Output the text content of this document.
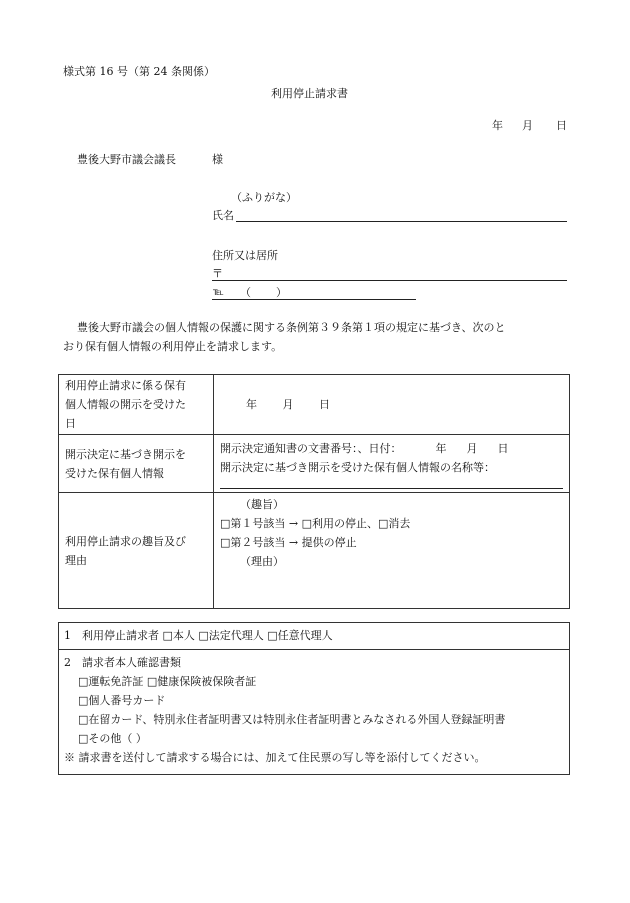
様式第 16 号（第 24 条関係）
利用停止請求書
年 月 日
豊後大野市議会議長	様
（ふりがな）
氏名
住所又は居所
〒
℡ （ ）
豊後大野市議会の個人情報の保護に関する条例第３９条第１項の規定に基づき、次のと
おり保有個人情報の利用停止を請求します。
利用停止請求に係る保有
個人情報の開示を受けた
日	年 月 日

開示決定に基づき開示を
受けた保有個人情報	開示決定通知書の文書番号：、日付： 年 月 日
開示決定に基づき開示を受けた保有個人情報の名称等：

利用停止請求の趣旨及び
理由	（趣旨）
□第１号該当 → □利用の停止、□消去
□第２号該当 → 提供の停止
（理由）
1　利用停止請求者 □本人 □法定代理人 □任意代理人
2　請求者本人確認書類
□運転免許証 □健康保険被保険者証
□個人番号カード
□在留カード、特別永住者証明書又は特別永住者証明書とみなされる外国人登録証明書
□その他（ ）
※ 請求書を送付して請求する場合には、加えて住民票の写し等を添付してください。
